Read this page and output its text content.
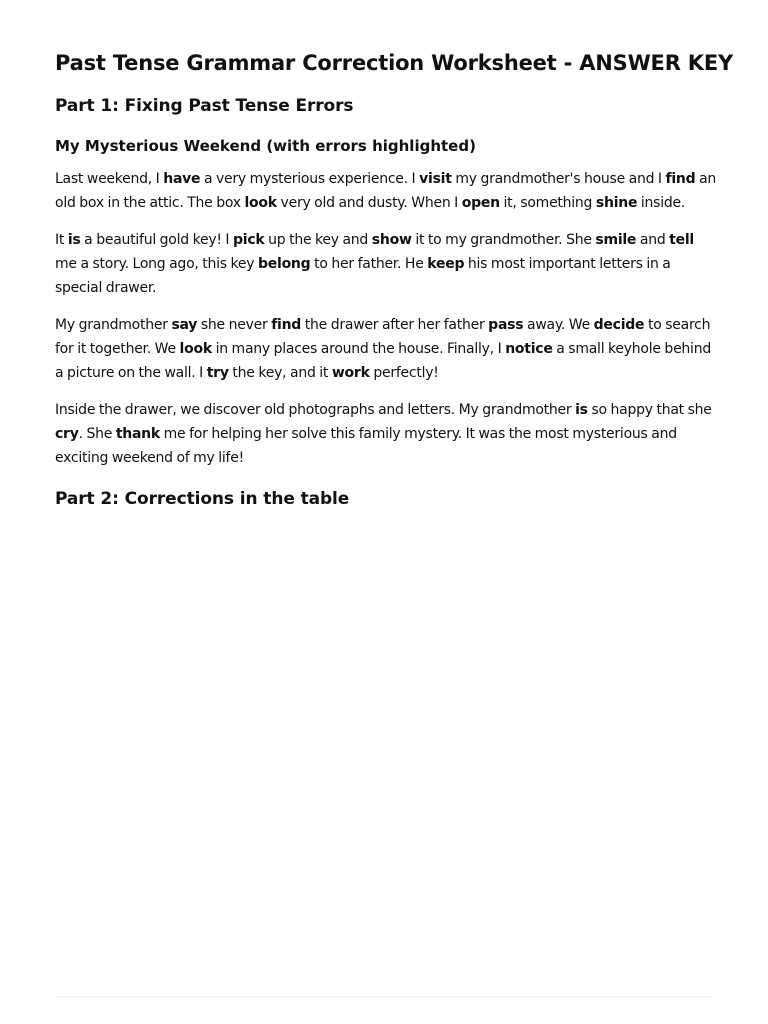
Past Tense Grammar Correction Worksheet - ANSWER KEY
Part 1: Fixing Past Tense Errors
My Mysterious Weekend (with errors highlighted)

Last weekend, I have a very mysterious experience. I visit my grandmother's house and I find an old box in the attic. The box look very old and dusty. When I open it, something shine inside.

It is a beautiful gold key! I pick up the key and show it to my grandmother. She smile and tell me a story. Long ago, this key belong to her father. He keep his most important letters in a special drawer.

My grandmother say she never find the drawer after her father pass away. We decide to search for it together. We look in many places around the house. Finally, I notice a small keyhole behind a picture on the wall. I try the key, and it work perfectly!

Inside the drawer, we discover old photographs and letters. My grandmother is so happy that she cry. She thank me for helping her solve this family mystery. It was the most mysterious and exciting weekend of my life!

Part 2: Corrections in the table
